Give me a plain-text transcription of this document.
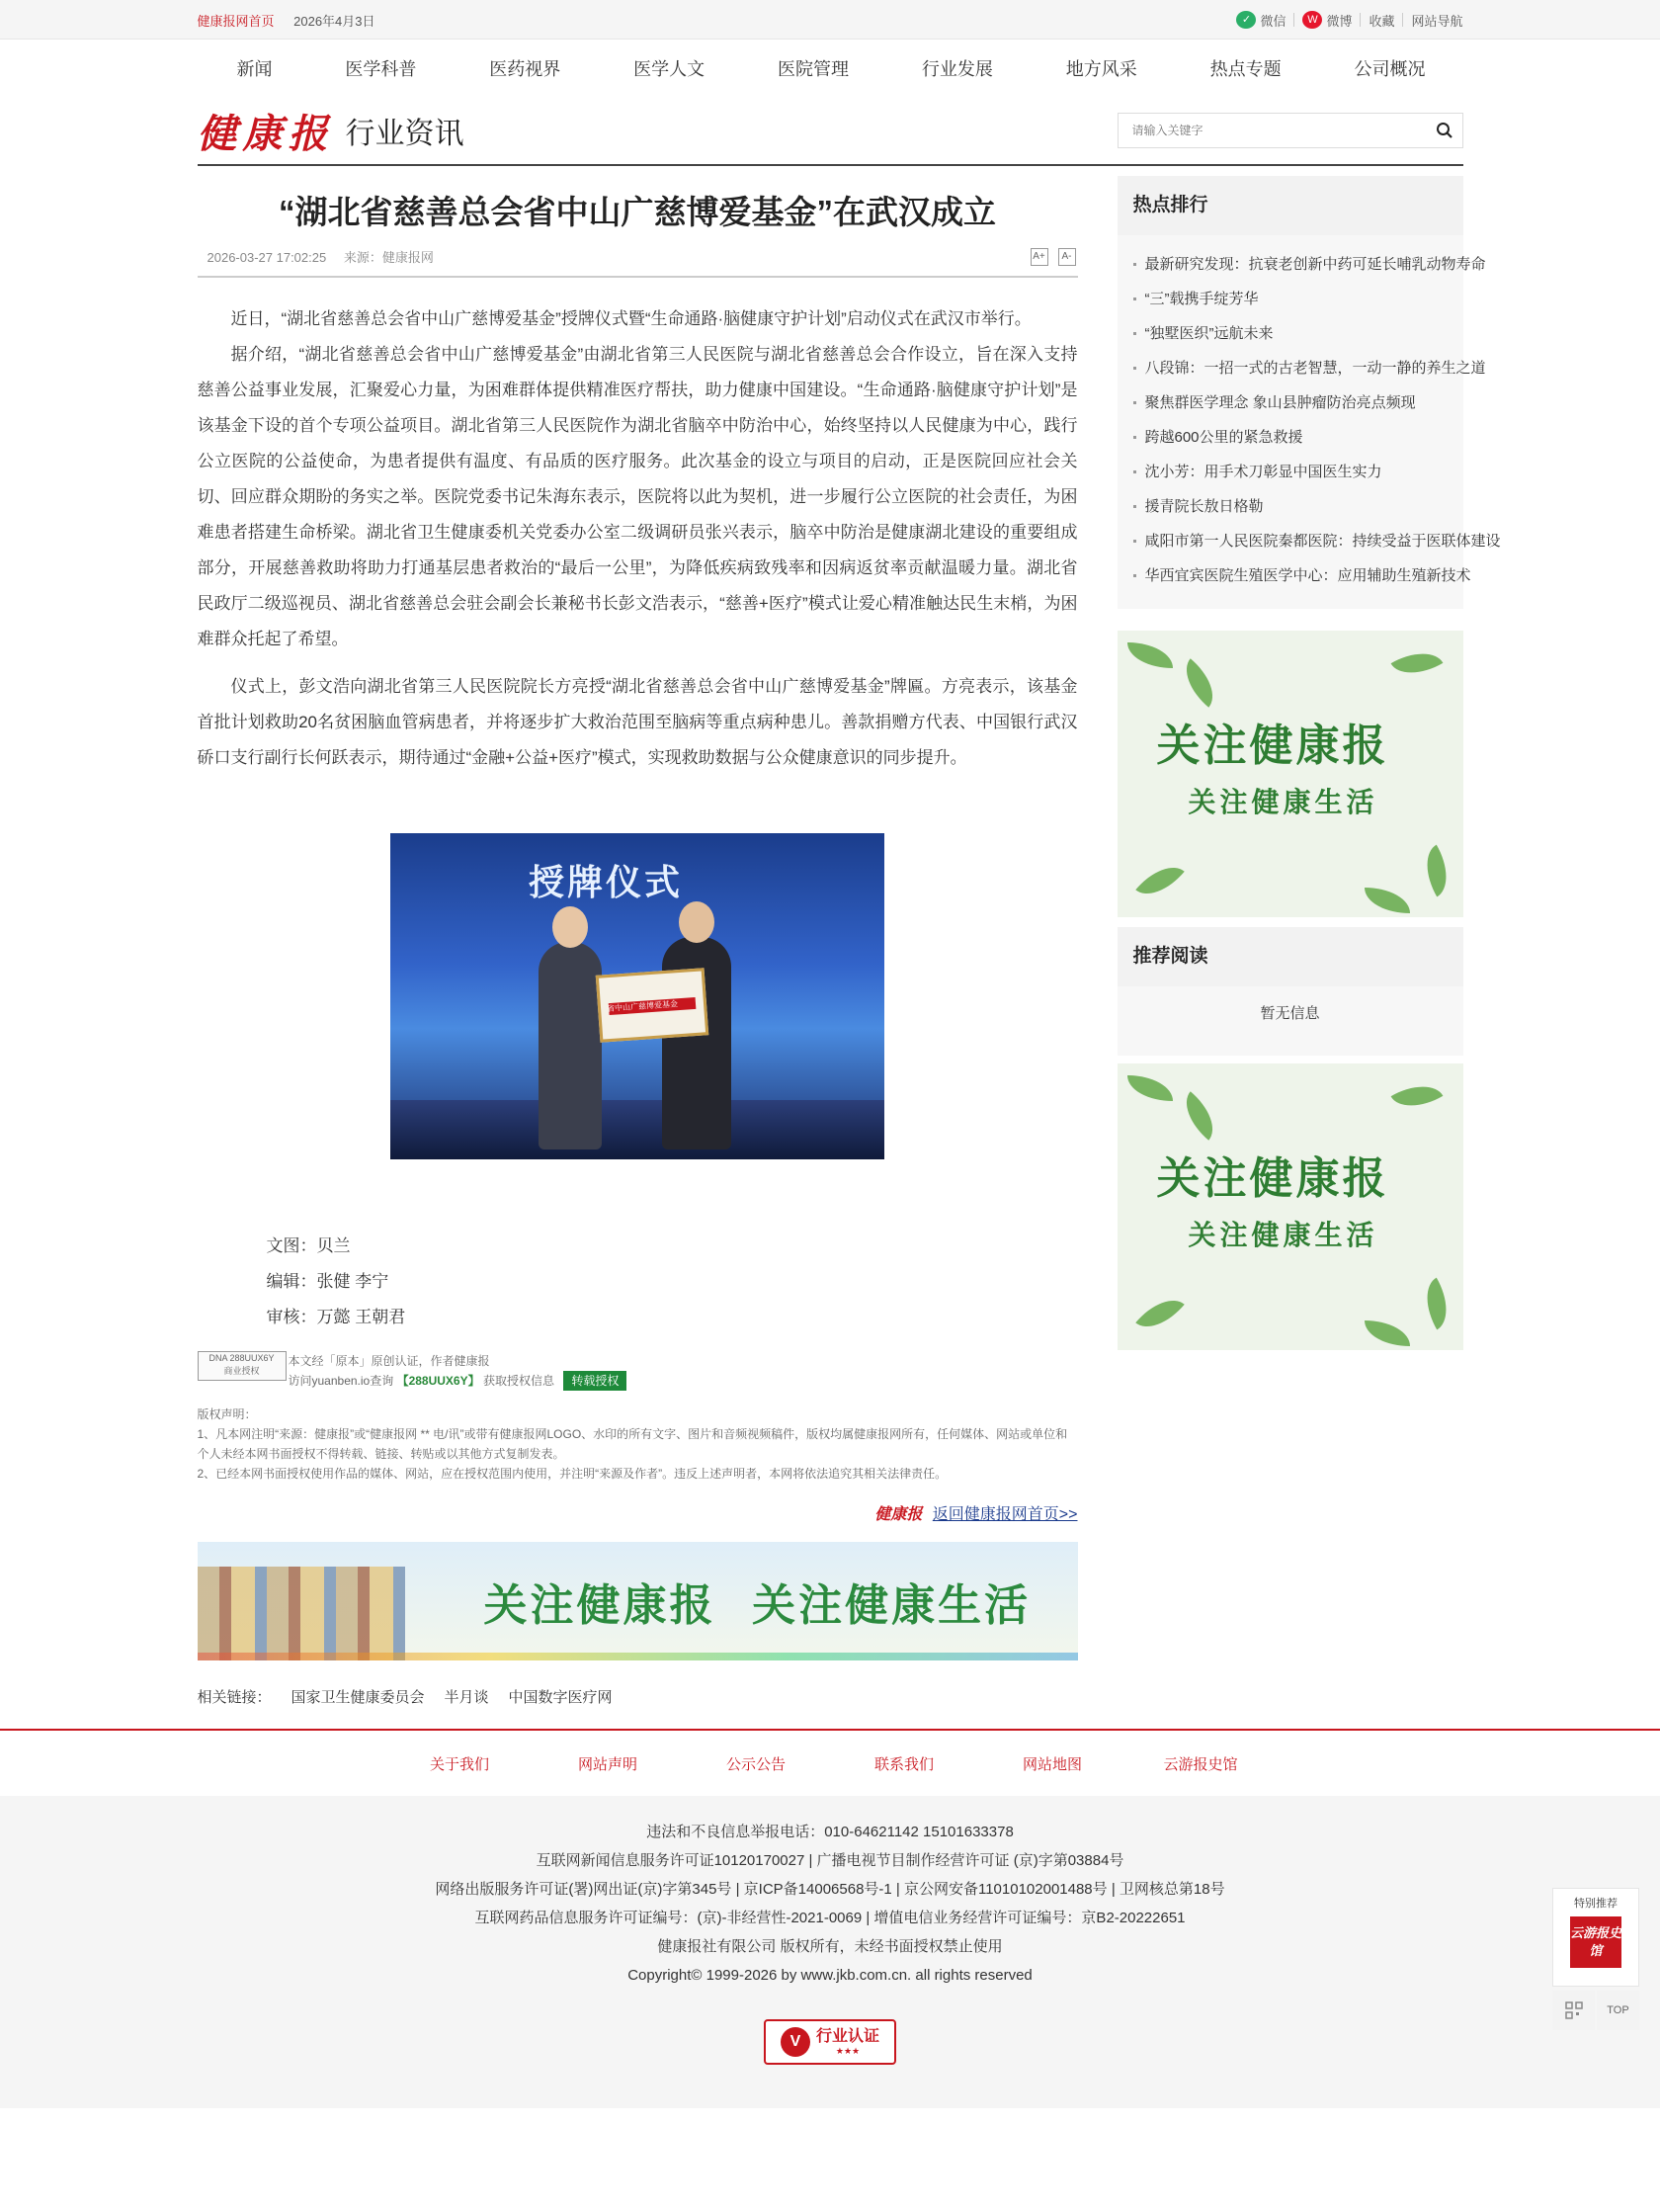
健康报网首页 2026年4月3日	✓ 微信	W 微博 收藏 网站导航
新闻	医学科普	医药视界	医学人文	医院管理	行业发展	地方风采	热点专题	公司概况
健康报 行业资讯
请输入关键字
“湖北省慈善总会省中山广慈博爱基金”在武汉成立
2026-03-27 17:02:25 来源：健康报网	A+	A-

近日，“湖北省慈善总会省中山广慈博爱基金”授牌仪式暨“生命通路·脑健康守护计划”启动仪式在武汉市举行。

据介绍，“湖北省慈善总会省中山广慈博爱基金”由湖北省第三人民医院与湖北省慈善总会合作设立，旨在深入支持慈善公益事业发展，汇聚爱心力量，为困难群体提供精准医疗帮扶，助力健康中国建设。“生命通路·脑健康守护计划”是该基金下设的首个专项公益项目。湖北省第三人民医院作为湖北省脑卒中防治中心，始终坚持以人民健康为中心，践行公立医院的公益使命，为患者提供有温度、有品质的医疗服务。此次基金的设立与项目的启动，正是医院回应社会关切、回应群众期盼的务实之举。医院党委书记朱海东表示，医院将以此为契机，进一步履行公立医院的社会责任，为困难患者搭建生命桥梁。湖北省卫生健康委机关党委办公室二级调研员张兴表示，脑卒中防治是健康湖北建设的重要组成部分，开展慈善救助将助力打通基层患者救治的“最后一公里”，为降低疾病致残率和因病返贫率贡献温暖力量。湖北省民政厅二级巡视员、湖北省慈善总会驻会副会长兼秘书长彭文浩表示，“慈善+医疗”模式让爱心精准触达民生末梢，为困难群众托起了希望。

仪式上，彭文浩向湖北省第三人民医院院长方亮授“湖北省慈善总会省中山广慈博爱基金”牌匾。方亮表示，该基金首批计划救助20名贫困脑血管病患者，并将逐步扩大救治范围至脑病等重点病种患儿。善款捐赠方代表、中国银行武汉硚口支行副行长何跃表示，期待通过“金融+公益+医疗”模式，实现救助数据与公众健康意识的同步提升。

授牌仪式
省中山广慈博爱基金

文图：贝兰

编辑：张健 李宁

审核：万懿 王朝君

DNA 288UUX6Y
商业授权
本文经「原本」原创认证，作者健康报
访问yuanben.io查询 【288UUX6Y】 获取授权信息 转载授权
版权声明：
1、凡本网注明“来源：健康报”或“健康报网 ** 电/讯”或带有健康报网LOGO、水印的所有文字、图片和音频视频稿件，版权均属健康报网所有，任何媒体、网站或单位和个人未经本网书面授权不得转载、链接、转贴或以其他方式复制发表。
2、已经本网书面授权使用作品的媒体、网站，应在授权范围内使用，并注明“来源及作者”。违反上述声明者，本网将依法追究其相关法律责任。
健康报 返回健康报网首页>>
关注健康报  关注健康生活
相关链接： 国家卫生健康委员会 半月谈 中国数字医疗网
热点排行
最新研究发现：抗衰老创新中药可延长哺乳动物寿命
“三”载携手绽芳华
“独墅医织”远航未来
八段锦：一招一式的古老智慧，一动一静的养生之道
聚焦群医学理念 象山县肿瘤防治亮点频现
跨越600公里的紧急救援
沈小芳：用手术刀彰显中国医生实力
援青院长敖日格勒
咸阳市第一人民医院秦都医院：持续受益于医联体建设
华西宜宾医院生殖医学中心：应用辅助生殖新技术
关注健康报
关注健康生活
推荐阅读
暂无信息
关注健康报
关注健康生活
关于我们	网站声明	公示公告	联系我们	网站地图	云游报史馆

违法和不良信息举报电话：010-64621142 15101633378

互联网新闻信息服务许可证10120170027 | 广播电视节目制作经营许可证 (京)字第03884号

网络出版服务许可证(署)网出证(京)字第345号 | 京ICP备14006568号-1 | 京公网安备11010102001488号 | 卫网核总第18号

互联网药品信息服务许可证编号：(京)-非经营性-2021-0069 | 增值电信业务经营许可证编号：京B2-20222651

健康报社有限公司 版权所有，未经书面授权禁止使用

Copyright© 1999-2026 by www.jkb.com.cn. all rights reserved

V 行业认证
★★★
特别推荐
云游报史馆
TOP
